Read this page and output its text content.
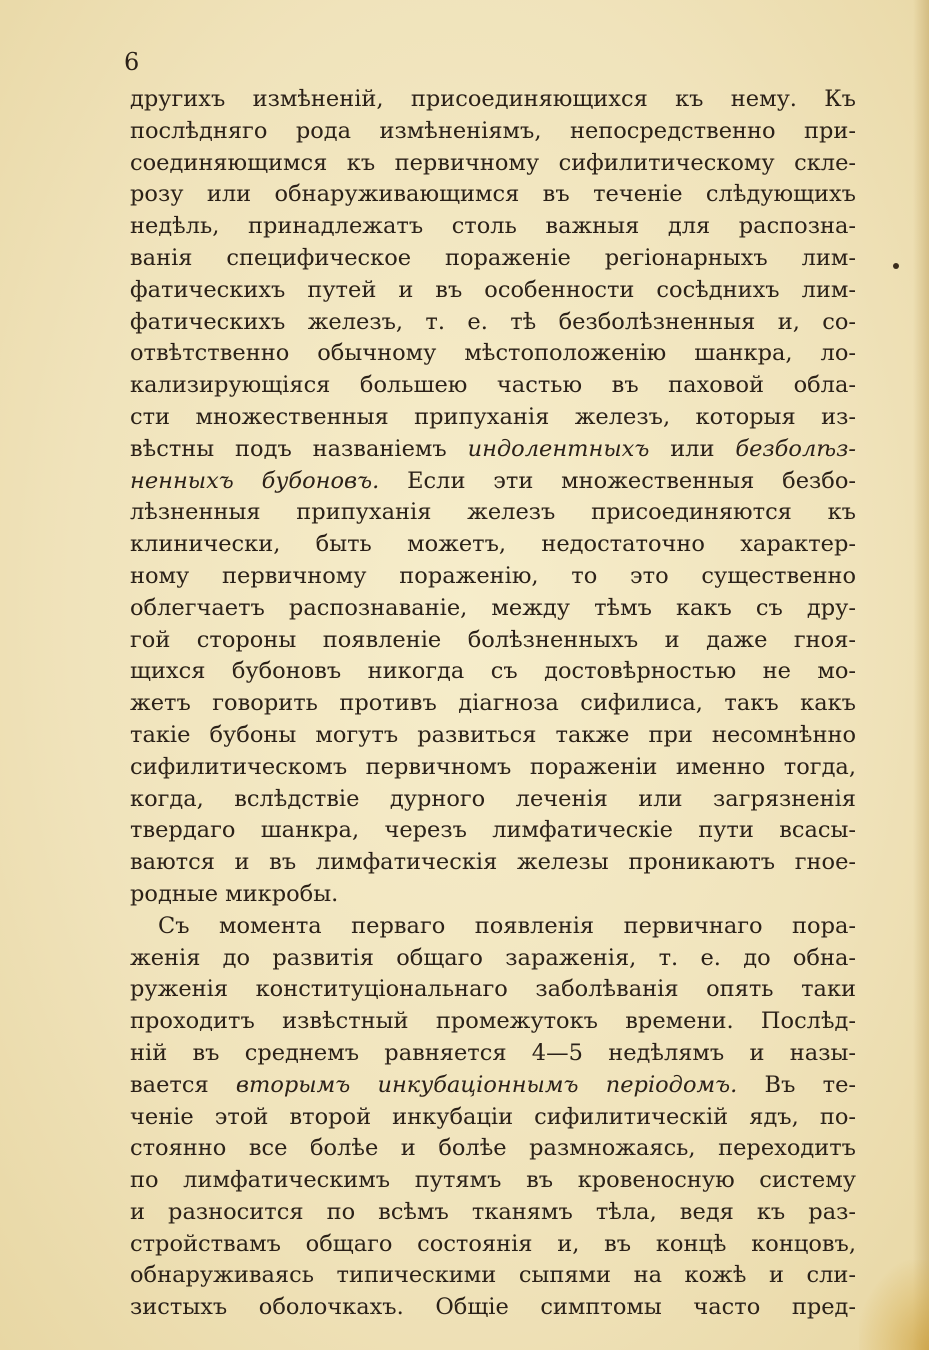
6
другихъ измѣненій, присоединяющихся къ нему. Къ
послѣдняго рода измѣненіямъ, непосредственно при-
соединяющимся къ первичному сифилитическому скле-
розу или обнаруживающимся въ теченіе слѣдующихъ
недѣль, принадлежатъ столь важныя для распозна-
ванія специфическое пораженіе регіонарныхъ лим-
фатическихъ путей и въ особенности сосѣднихъ лим-
фатическихъ железъ, т. е. тѣ безболѣзненныя и, со-
отвѣтственно обычному мѣстоположенію шанкра, ло-
кализирующіяся большею частью въ паховой обла-
сти множественныя припуханія железъ, которыя из-
вѣстны подъ названіемъ индолентныхъ или безболѣз-
ненныхъ бубоновъ. Если эти множественныя безбо-
лѣзненныя припуханія железъ присоединяются къ
клинически, быть можетъ, недостаточно характер-
ному первичному пораженію, то это существенно
облегчаетъ распознаваніе, между тѣмъ какъ съ дру-
гой стороны появленіе болѣзненныхъ и даже гноя-
щихся бубоновъ никогда съ достовѣрностью не мо-
жетъ говорить противъ діагноза сифилиса, такъ какъ
такіе бубоны могутъ развиться также при несомнѣнно
сифилитическомъ первичномъ пораженіи именно тогда,
когда, вслѣдствіе дурного леченія или загрязненія
твердаго шанкра, черезъ лимфатическіе пути всасы-
ваются и въ лимфатическія железы проникаютъ гное-
родные микробы.
Съ момента перваго появленія первичнаго пора-
женія до развитія общаго зараженія, т. е. до обна-
руженія конституціональнаго заболѣванія опять таки
проходитъ извѣстный промежутокъ времени. Послѣд-
ній въ среднемъ равняется 4—5 недѣлямъ и назы-
вается вторымъ инкубаціоннымъ періодомъ. Въ те-
ченіе этой второй инкубаціи сифилитическій ядъ, по-
стоянно все болѣе и болѣе размножаясь, переходитъ
по лимфатическимъ путямъ въ кровеносную систему
и разносится по всѣмъ тканямъ тѣла, ведя къ раз-
стройствамъ общаго состоянія и, въ концѣ концовъ,
обнаруживаясь типическими сыпями на кожѣ и сли-
зистыхъ оболочкахъ. Общіе симптомы часто пред-
